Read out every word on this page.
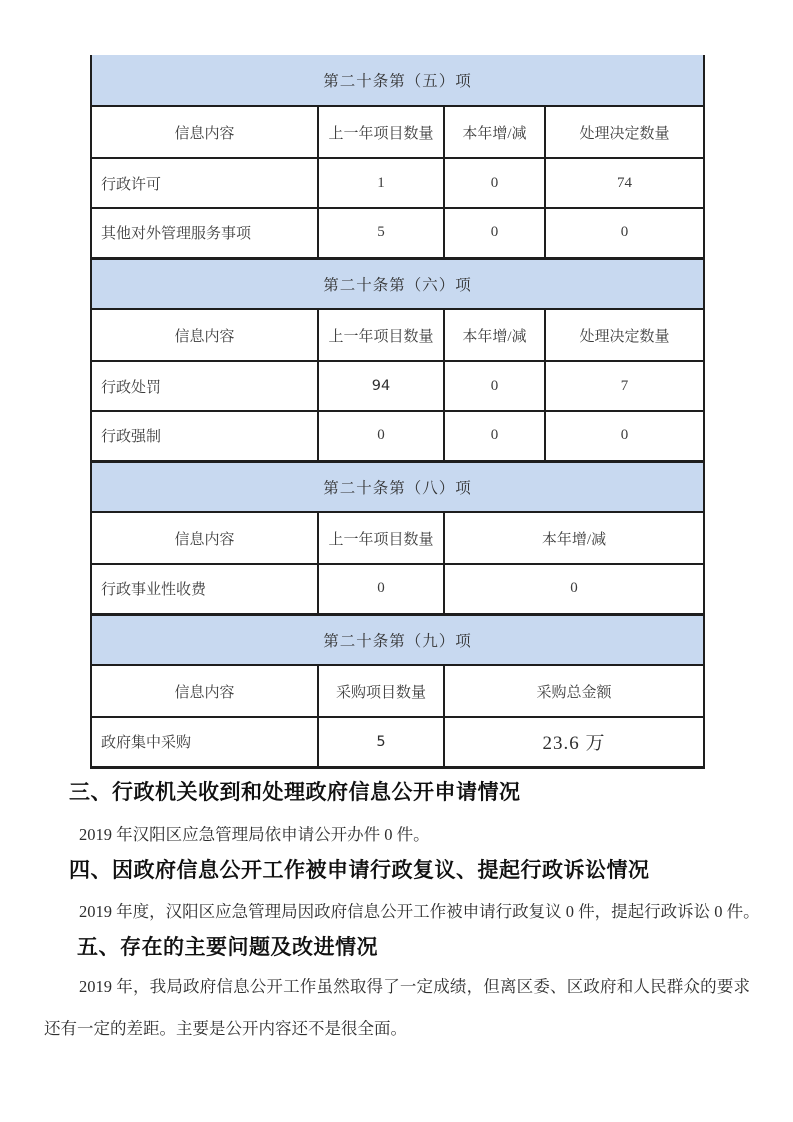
第二十条第（五）项			
信息内容	上一年项目数量	本年增/减	处理决定数量
行政许可	1	0	74
其他对外管理服务事项	5	0	0
第二十条第（六）项			
信息内容	上一年项目数量	本年增/减	处理决定数量
行政处罚	94	0	7
行政强制	0	0	0
第二十条第（八）项			
信息内容	上一年项目数量	本年增/减	
行政事业性收费	0	0	
第二十条第（九）项			
信息内容	采购项目数量	采购总金额	
政府集中采购	5	23.6 万	
三、行政机关收到和处理政府信息公开申请情况

2019 年汉阳区应急管理局依申请公开办件 0 件。

四、因政府信息公开工作被申请行政复议、提起行政诉讼情况

2019 年度，汉阳区应急管理局因政府信息公开工作被申请行政复议 0 件，提起行政诉讼 0 件。

五、存在的主要问题及改进情况

2019 年，我局政府信息公开工作虽然取得了一定成绩，但离区委、区政府和人民群众的要求还有一定的差距。主要是公开内容还不是很全面。
